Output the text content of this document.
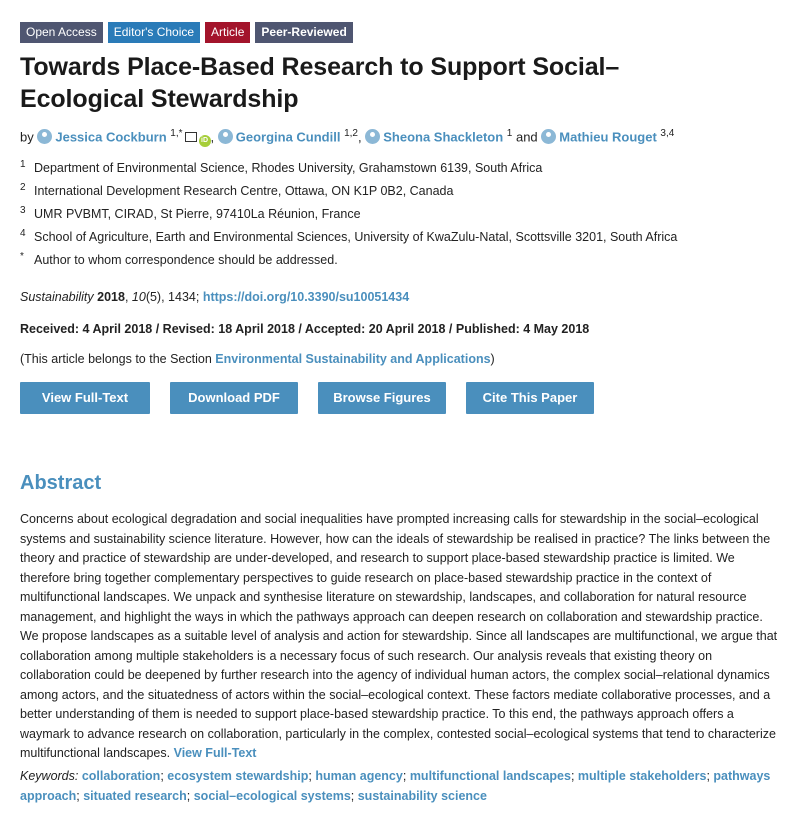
Open Access	Editor's Choice	Article	Peer-Reviewed
Towards Place-Based Research to Support Social–
Ecological Stewardship
by Jessica Cockburn $^{1,*}$iD , Georgina Cundill $^{1,2}$, Sheona Shackleton $^1$ and Mathieu Rouget $^{3,4}$
1 Department of Environmental Science, Rhodes University, Grahamstown 6139, South Africa
2 International Development Research Centre, Ottawa, ON K1P 0B2, Canada
3 UMR PVBMT, CIRAD, St Pierre, 97410La Réunion, France
4 School of Agriculture, Earth and Environmental Sciences, University of KwaZulu-Natal, Scottsville 3201, South Africa
* Author to whom correspondence should be addressed.
Sustainability 2018, 10(5), 1434; https://doi.org/10.3390/su10051434
Received: 4 April 2018 / Revised: 18 April 2018 / Accepted: 20 April 2018 / Published: 4 May 2018
(This article belongs to the Section Environmental Sustainability and Applications)
View Full-Text	Download PDF	Browse Figures	Cite This Paper
Abstract
Concerns about ecological degradation and social inequalities have prompted increasing calls for stewardship in the social–ecological systems and sustainability science literature. However, how can the ideals of stewardship be realised in practice? The links between the theory and practice of stewardship are under-developed, and research to support place-based stewardship practice is limited. We therefore bring together complementary perspectives to guide research on place-based stewardship practice in the context of multifunctional landscapes. We unpack and synthesise literature on stewardship, landscapes, and collaboration for natural resource management, and highlight the ways in which the pathways approach can deepen research on collaboration and stewardship practice. We propose landscapes as a suitable level of analysis and action for stewardship. Since all landscapes are multifunctional, we argue that collaboration among multiple stakeholders is a necessary focus of such research. Our analysis reveals that existing theory on collaboration could be deepened by further research into the agency of individual human actors, the complex social–relational dynamics among actors, and the situatedness of actors within the social–ecological context. These factors mediate collaborative processes, and a better understanding of them is needed to support place-based stewardship practice. To this end, the pathways approach offers a waymark to advance research on collaboration, particularly in the complex, contested social–ecological systems that tend to characterize multifunctional landscapes. View Full-Text
Keywords: collaboration; ecosystem stewardship; human agency; multifunctional landscapes; multiple stakeholders; pathways approach; situated research; social–ecological systems; sustainability science
